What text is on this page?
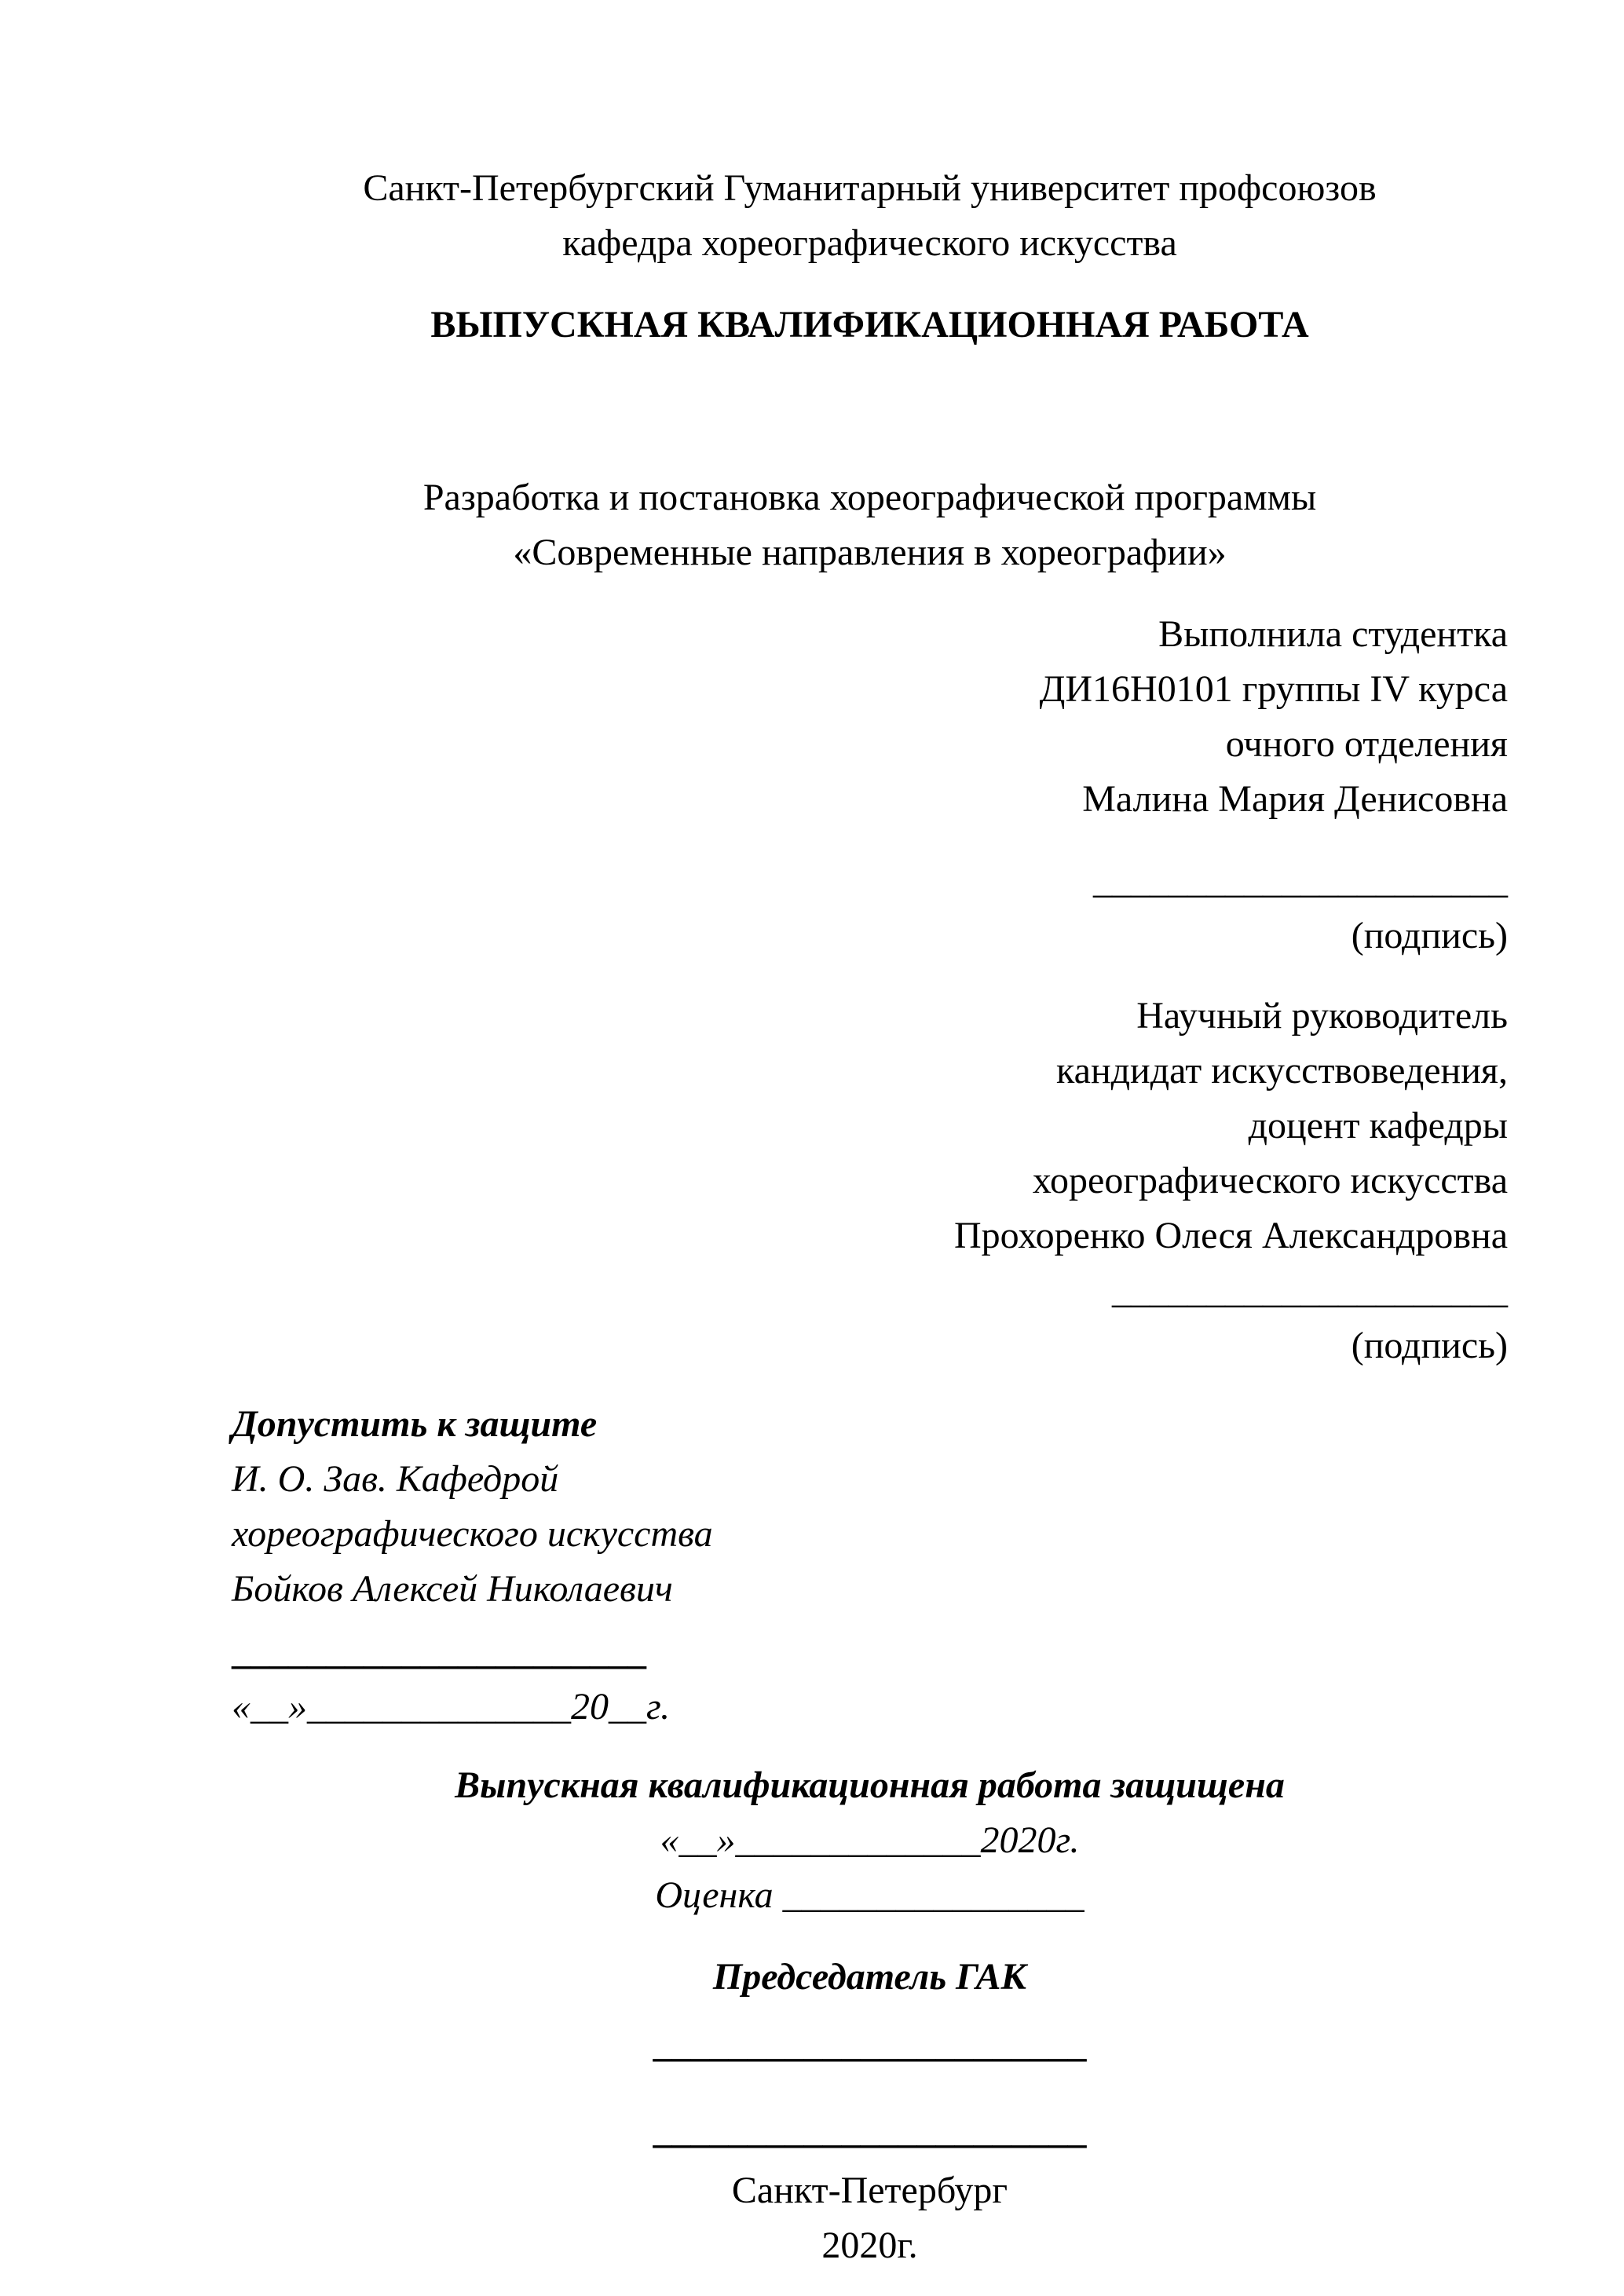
Санкт-Петербургский Гуманитарный университет профсоюзов
кафедра хореографического искусства
ВЫПУСКНАЯ КВАЛИФИКАЦИОННАЯ РАБОТА
Разработка и постановка хореографической программы
«Современные направления в хореографии»
Выполнила студентка
ДИ16Н0101 группы IV курса
очного отделения
Малина Мария Денисовна
______________________
(подпись)
Научный руководитель
кандидат искусствоведения,
доцент кафедры
хореографического искусства
Прохоренко Олеся Александровна
_____________________
(подпись)
Допустить к защите
И. О. Зав. Кафедрой
хореографического искусства
Бойков Алексей Николаевич
______________________
«__»______________20__г.
Выпускная квалификационная работа защищена
«__»_____________2020г.
Оценка ________________
Председатель ГАК
_______________________
_______________________
Санкт-Петербург
2020г.
